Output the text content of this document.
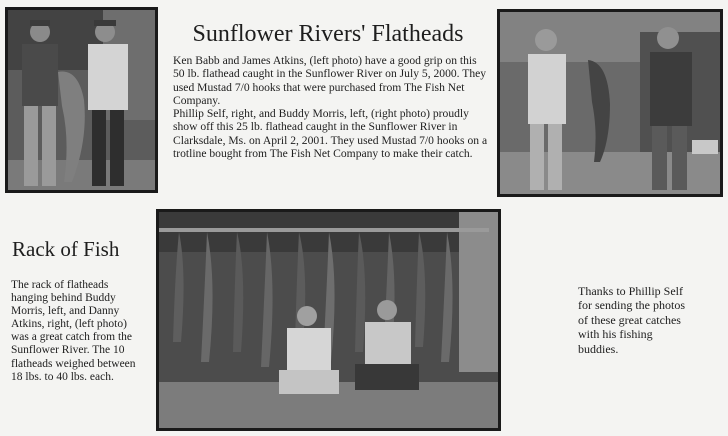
Sunflower Rivers' Flatheads

Ken Babb and James Atkins, (left photo) have a good grip on this 50 lb. flathead caught in the Sunflower River on July 5, 2000. They used Mustad 7/0 hooks that were purchased from The Fish Net Company.

Phillip Self, right, and Buddy Morris, left, (right photo) proudly show off this 25 lb. flathead caught in the Sunflower River in Clarksdale, Ms. on April 2, 2001. They used Mustad 7/0 hooks on a trotline bought from The Fish Net Company to make their catch.

Rack of Fish

The rack of flatheads hanging behind Buddy Morris, left, and Danny Atkins, right, (left photo) was a great catch from the Sunflower River. The 10 flatheads weighed between 18 lbs. to 40 lbs. each.

Thanks to Phillip Self for sending the photos of these great catches with his fishing buddies.
